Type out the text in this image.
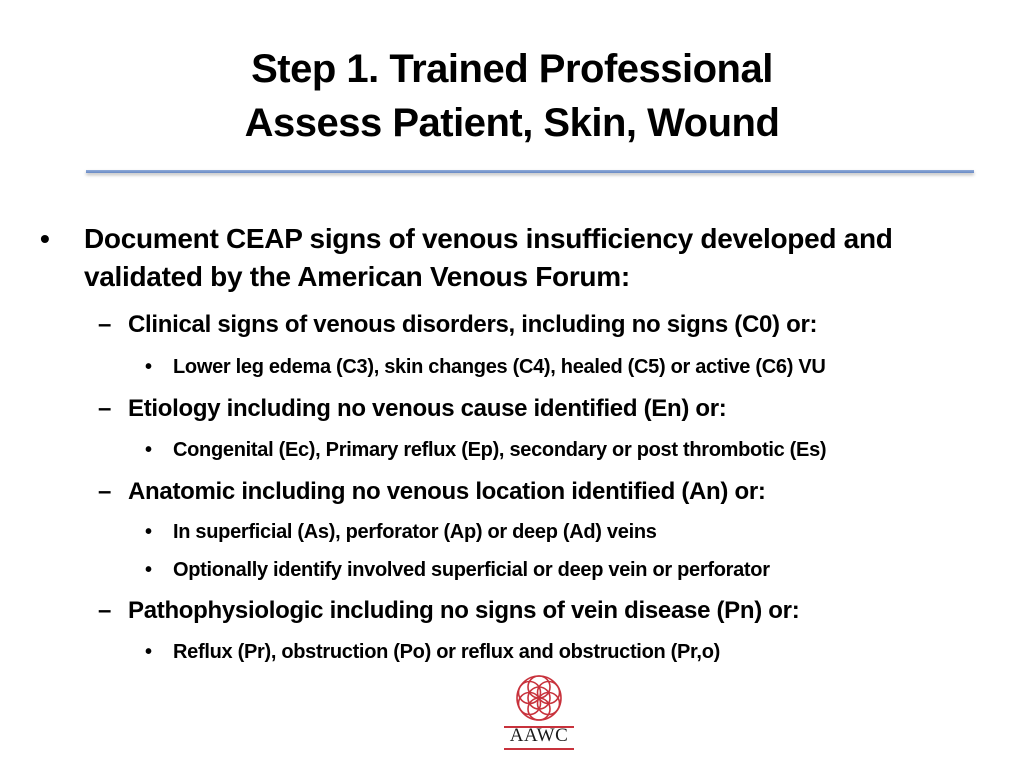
Step 1. Trained Professional
Assess Patient, Skin, Wound
• Document CEAP signs of venous insufficiency developed and validated by the American Venous Forum:
– Clinical signs of venous disorders, including no signs (C0) or:
• Lower leg edema (C3), skin changes (C4), healed (C5) or active (C6) VU
– Etiology including no venous cause identified (En) or:
• Congenital (Ec), Primary reflux (Ep), secondary or post thrombotic (Es)
– Anatomic including no venous location identified (An) or:
• In superficial (As), perforator (Ap) or deep (Ad) veins
• Optionally identify involved superficial or deep vein or perforator
– Pathophysiologic including no signs of vein disease (Pn) or:
• Reflux (Pr), obstruction (Po) or reflux and obstruction (Pr,o)
AAWC
